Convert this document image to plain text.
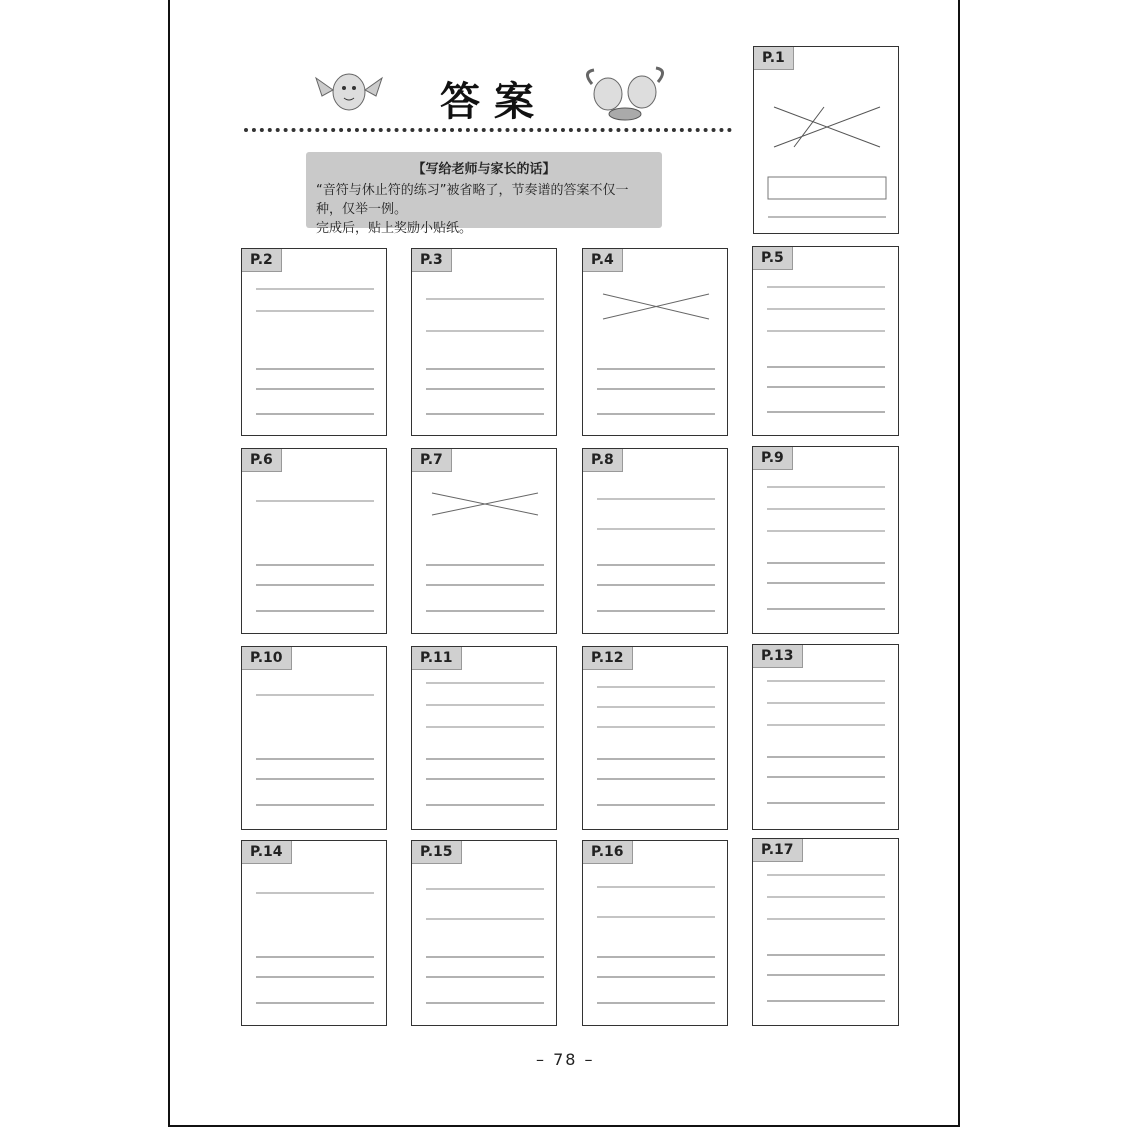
答案
【写给老师与家长的话】
“音符与休止符的练习”被省略了，节奏谱的答案不仅一种，仅举一例。
完成后，贴上奖励小贴纸。
P.1
P.2	P.3	P.4	P.5
P.6	P.7	P.8	P.9
P.10	P.11	P.12	P.13
P.14	P.15	P.16	P.17
– 78 –
